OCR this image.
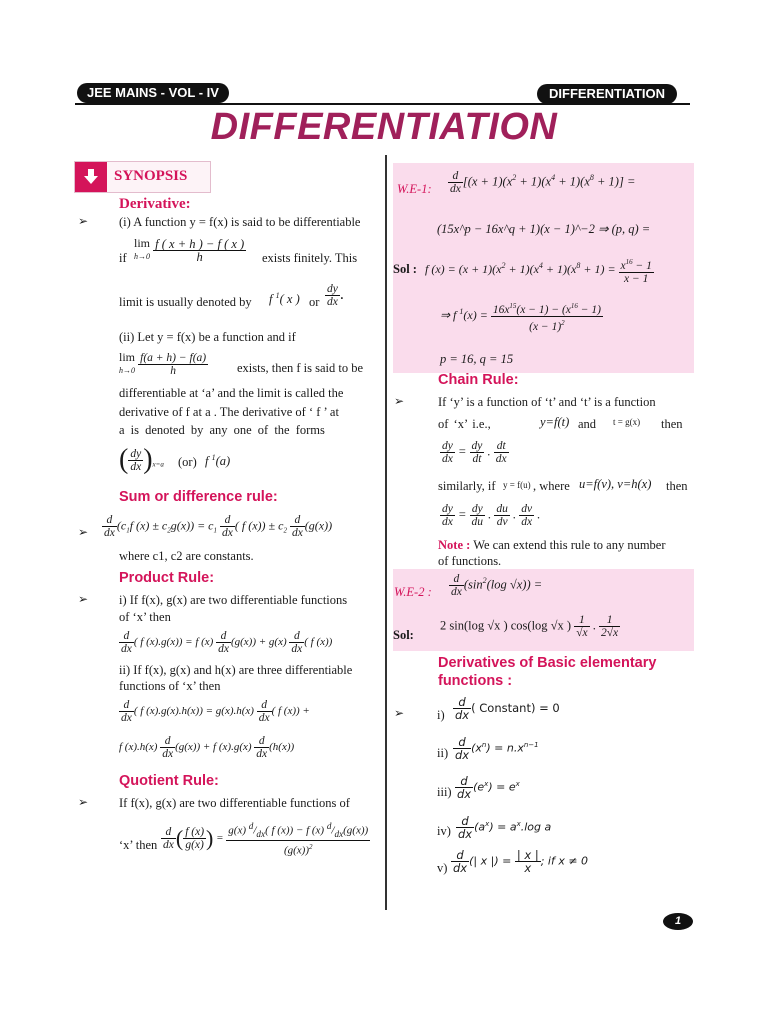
JEE MAINS - VOL - IV	DIFFERENTIATION
DIFFERENTIATION
SYNOPSIS
Derivative:
➢ (i) A function y = f(x) is said to be differentiable
if
lim
$h\to 0 \frac{f ( x + h ) - f ( x )}{h}$ exists finitely. This
limit is usually denoted by f $^1$( x ) or $\frac{dy}{dx}$ .
(ii) Let y = f(x) be a function and if
lim
$h\to 0 \frac{f(a + h) - f(a)}{h}$ exists, then f is said to be
differentiable at ‘a’ and the limit is called the
derivative of f at a . The derivative of ‘ f ’ at
a is denoted by any one of the forms
( $\frac{dy}{dx} )_{x=a}$ (or) f $^1$(a)
Sum or difference rule:
➢ $\frac{d}{dx} (c_1f$ $(x) \pm c_2g(x)) = c_1 \frac{d}{dx}$ ( f $(x)) \pm c_2 \frac{d}{dx} (g(x))$
where c1, c2 are constants.
Product Rule:
➢ i) If f(x), g(x) are two differentiable functions
of ‘x’ then
$\frac{d}{dx}$ ( f (x).g(x)) = f $(x) \frac{d}{dx} (g(x)) + g(x) \frac{d}{dx}$ ( f (x))
ii) If f(x), g(x) and h(x) are three differentiable
functions of ‘x’ then
$\frac{d}{dx}$ ( f $(x).g(x).h(x)) = g(x).h(x) \frac{d}{dx}$ ( f (x)) +
f $(x).h(x) \frac{d}{dx} (g(x)) + f$ $(x).g(x) \frac{d}{dx} (h(x))$
Quotient Rule:
➢ If f(x), g(x) are two differentiable functions of
‘x’ then $\frac{d}{dx}$ ( $\frac{f (x)}{g(x)}$ ) = $\frac{g(x) ^d/_{dx}( f (x)) - f (x) ^d/_{dx}(g(x))}{(g(x))^2}$
W.E-1: $\frac{d}{dx} [(x + 1)(x^2 + 1)(x^4 + 1)(x^8 + 1)]$ =
(15x^p − 16x^q + 1)(x − 1)^−2 ⇒ (p, q) =
Sol : f $(x) = (x + 1)(x^2 + 1)(x^4 + 1)(x^8 + 1) = \frac{x^{16} - 1}{x - 1}$
⇒ f $^1(x) = \frac{16x^{15}(x - 1) - (x^{16} - 1)}{(x - 1)^2}$
p = 16, q = 15
Chain Rule:
➢	If ‘y’ is a function of ‘t’ and ‘t’ is a function
of ‘x’ i.e.,	y=f(t) and t = g(x) then
$\frac{dy}{dx} = \frac{dy}{dt}$ . $\frac{dt}{dx}$
similarly, if y = f(u) , where u=f(v), v=h(x) then
$\frac{dy}{dx} = \frac{dy}{du}$ . $\frac{du}{dv}$ . $\frac{dv}{dx}$ .
Note : We can extend this rule to any number
of functions.
W.E-2 : $\frac{d}{dx} (\sin^2(\log$ √x)) =
Sol:
2 sin(log √x ) cos(log √x ) $\frac{1}{√x}$ . $\frac{1}{2√x}$
Derivatives of Basic elementary
functions :
➢	$i) \frac{d}{dx}$ ( Constant) = 0
$ii) \frac{d}{dx} (x^n) = n.x^{n-1}$
$iii) \frac{d}{dx} (e^x) = e^x$
$iv) \frac{d}{dx} (a^x) = a^x.\log$ a
$v) \frac{d}{dx}$ (| x |) = $\frac{| x |}{x}$ ; if x ≠ 0
1
